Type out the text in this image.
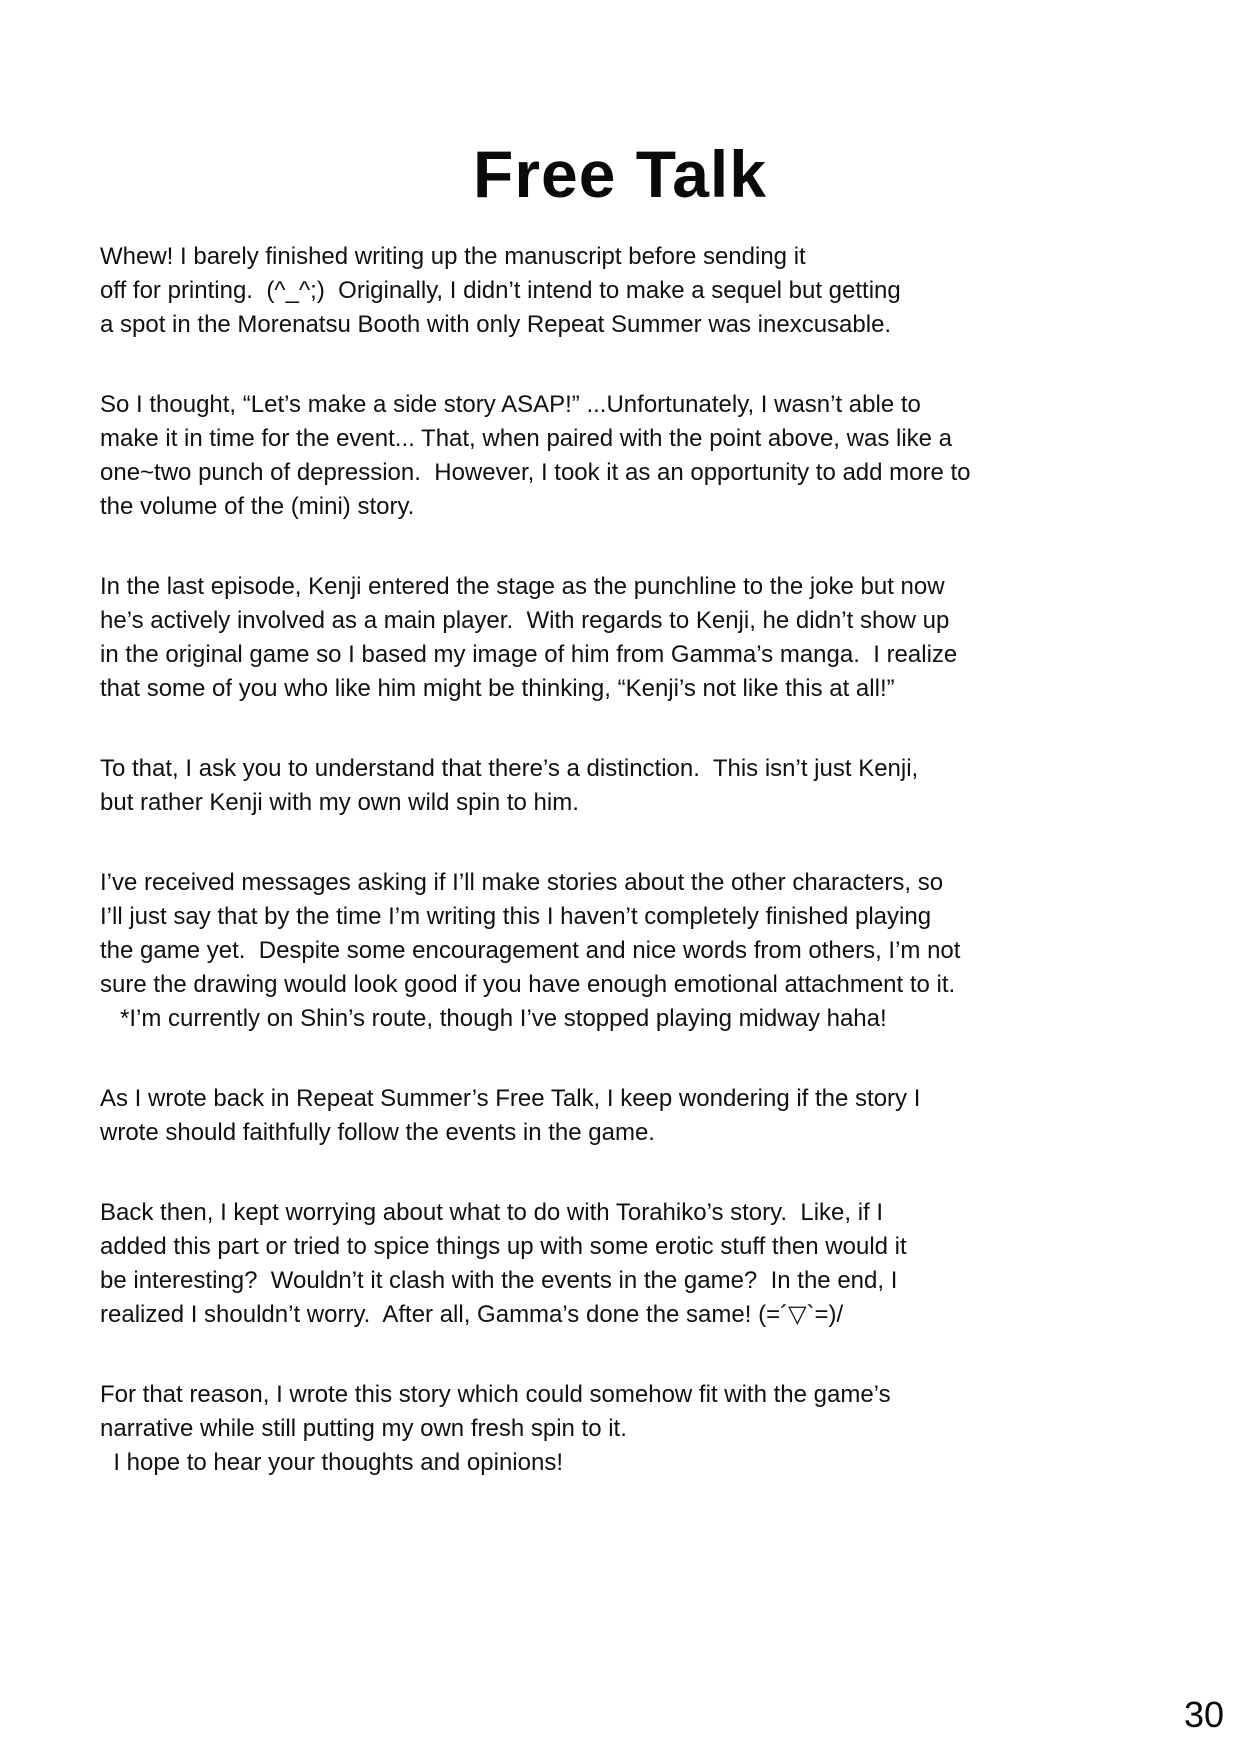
Free Talk
Whew! I barely finished writing up the manuscript before sending it
off for printing.  (^_^;)  Originally, I didn’t intend to make a sequel but getting
a spot in the Morenatsu Booth with only Repeat Summer was inexcusable.
So I thought, “Let’s make a side story ASAP!” ...Unfortunately, I wasn’t able to
make it in time for the event... That, when paired with the point above, was like a
one~two punch of depression.  However, I took it as an opportunity to add more to
the volume of the (mini) story.
In the last episode, Kenji entered the stage as the punchline to the joke but now
he’s actively involved as a main player.  With regards to Kenji, he didn’t show up
in the original game so I based my image of him from Gamma’s manga.  I realize
that some of you who like him might be thinking, “Kenji’s not like this at all!”
To that, I ask you to understand that there’s a distinction.  This isn’t just Kenji,
but rather Kenji with my own wild spin to him.
I’ve received messages asking if I’ll make stories about the other characters, so
I’ll just say that by the time I’m writing this I haven’t completely finished playing
the game yet.  Despite some encouragement and nice words from others, I’m not
sure the drawing would look good if you have enough emotional attachment to it.
*I’m currently on Shin’s route, though I’ve stopped playing midway haha!
As I wrote back in Repeat Summer’s Free Talk, I keep wondering if the story I
wrote should faithfully follow the events in the game.
Back then, I kept worrying about what to do with Torahiko’s story.  Like, if I
added this part or tried to spice things up with some erotic stuff then would it
be interesting?  Wouldn’t it clash with the events in the game?  In the end, I
realized I shouldn’t worry.  After all, Gamma’s done the same! (=´▽`=)/
For that reason, I wrote this story which could somehow fit with the game’s
narrative while still putting my own fresh spin to it.
I hope to hear your thoughts and opinions!
30
